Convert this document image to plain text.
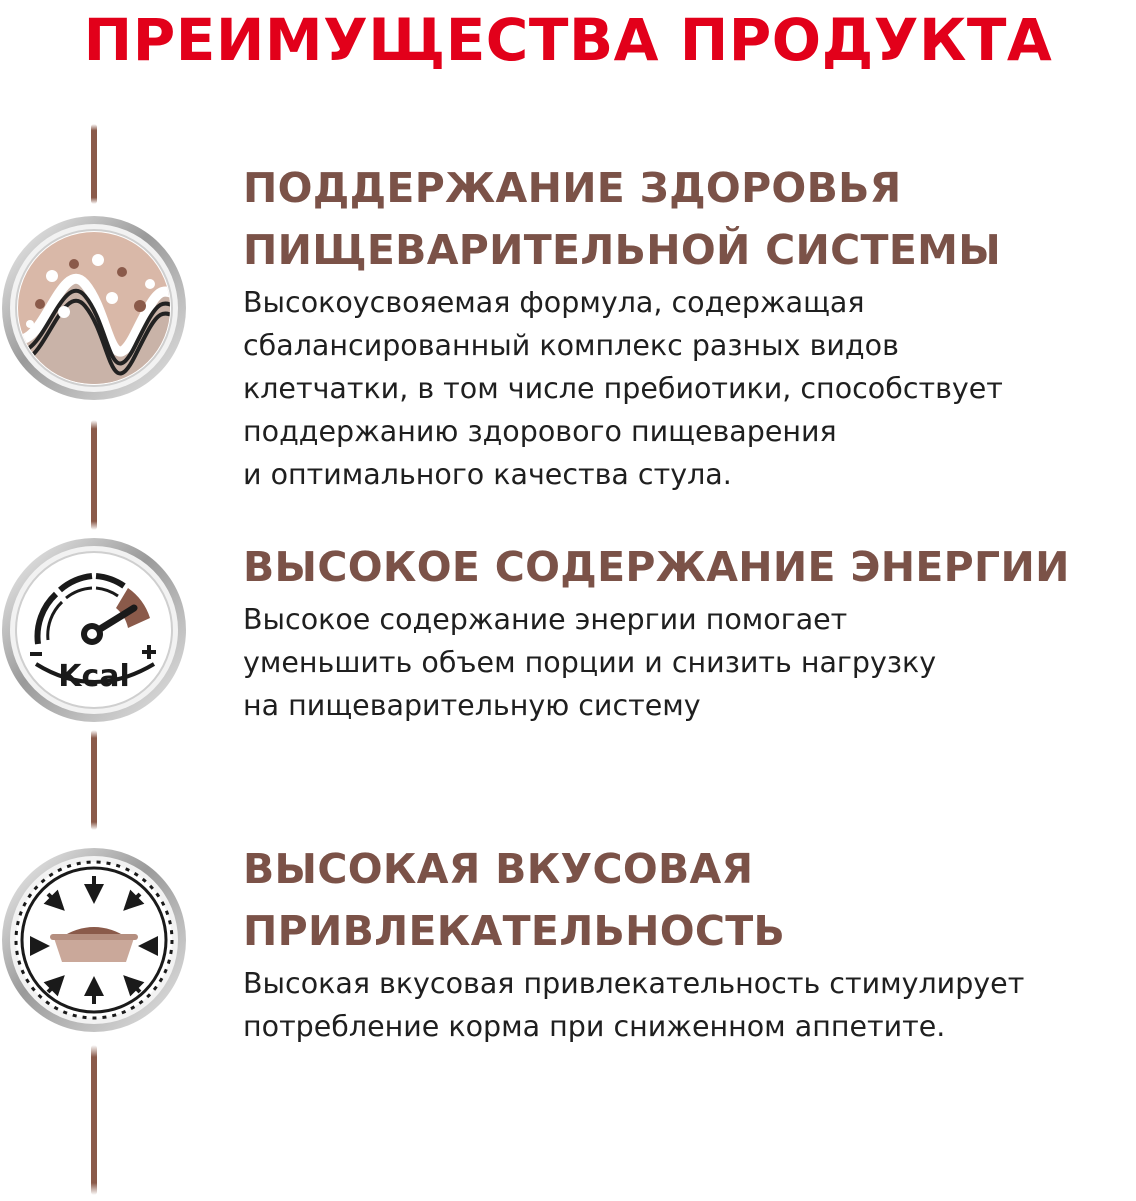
ПРЕИМУЩЕСТВА ПРОДУКТА
Kcal

ПОДДЕРЖАНИЕ ЗДОРОВЬЯ
ПИЩЕВАРИТЕЛЬНОЙ СИСТЕМЫ

Высокоусвояемая формула, содержащая
сбалансированный комплекс разных видов
клетчатки, в том числе пребиотики, способствует
поддержанию здорового пищеварения
и оптимального качества стула.

ВЫСОКОЕ СОДЕРЖАНИЕ ЭНЕРГИИ

Высокое содержание энергии помогает
уменьшить объем порции и снизить нагрузку
на пищеварительную систему

ВЫСОКАЯ ВКУСОВАЯ
ПРИВЛЕКАТЕЛЬНОСТЬ

Высокая вкусовая привлекательность стимулирует
потребление корма при сниженном аппетите.
